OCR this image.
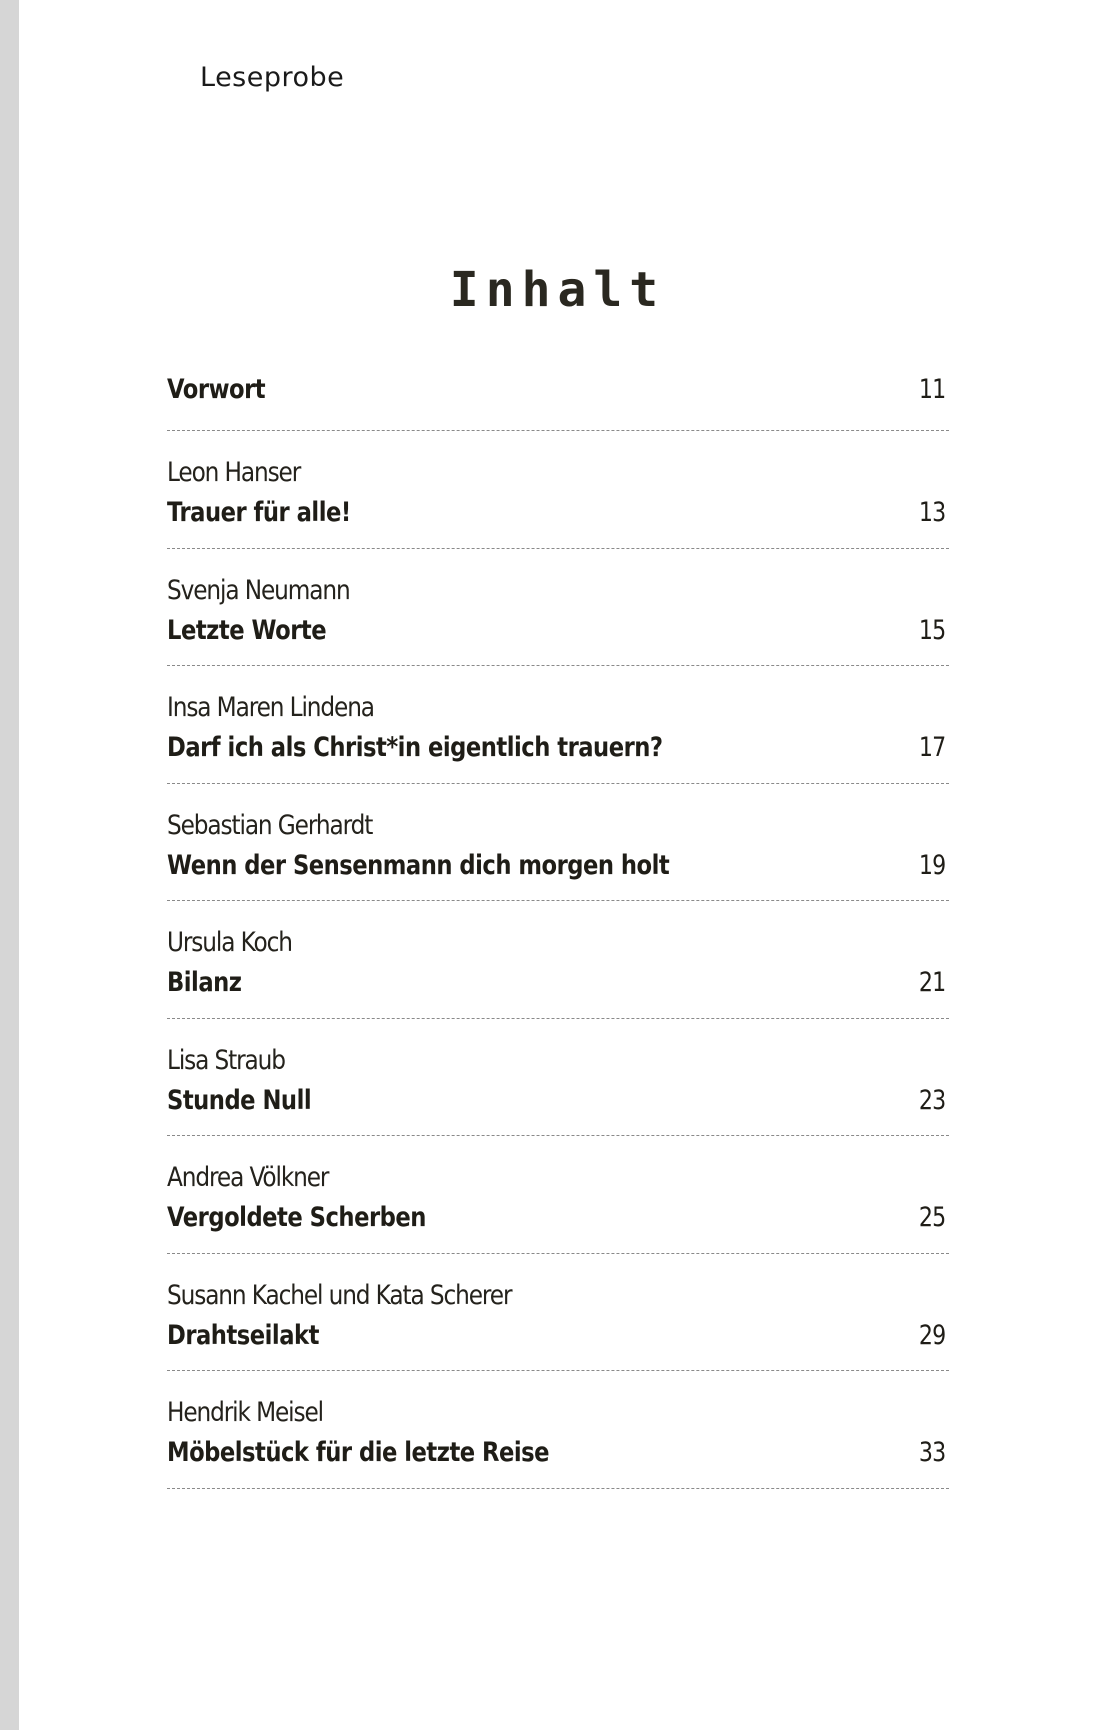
Leseprobe
Inhalt
Vorwort	11
Leon Hanser
Trauer für alle!	13
Svenja Neumann
Letzte Worte	15
Insa Maren Lindena
Darf ich als Christ*in eigentlich trauern?	17
Sebastian Gerhardt
Wenn der Sensenmann dich morgen holt	19
Ursula Koch
Bilanz	21
Lisa Straub
Stunde Null	23
Andrea Völkner
Vergoldete Scherben	25
Susann Kachel und Kata Scherer
Drahtseilakt	29
Hendrik Meisel
Möbelstück für die letzte Reise	33
